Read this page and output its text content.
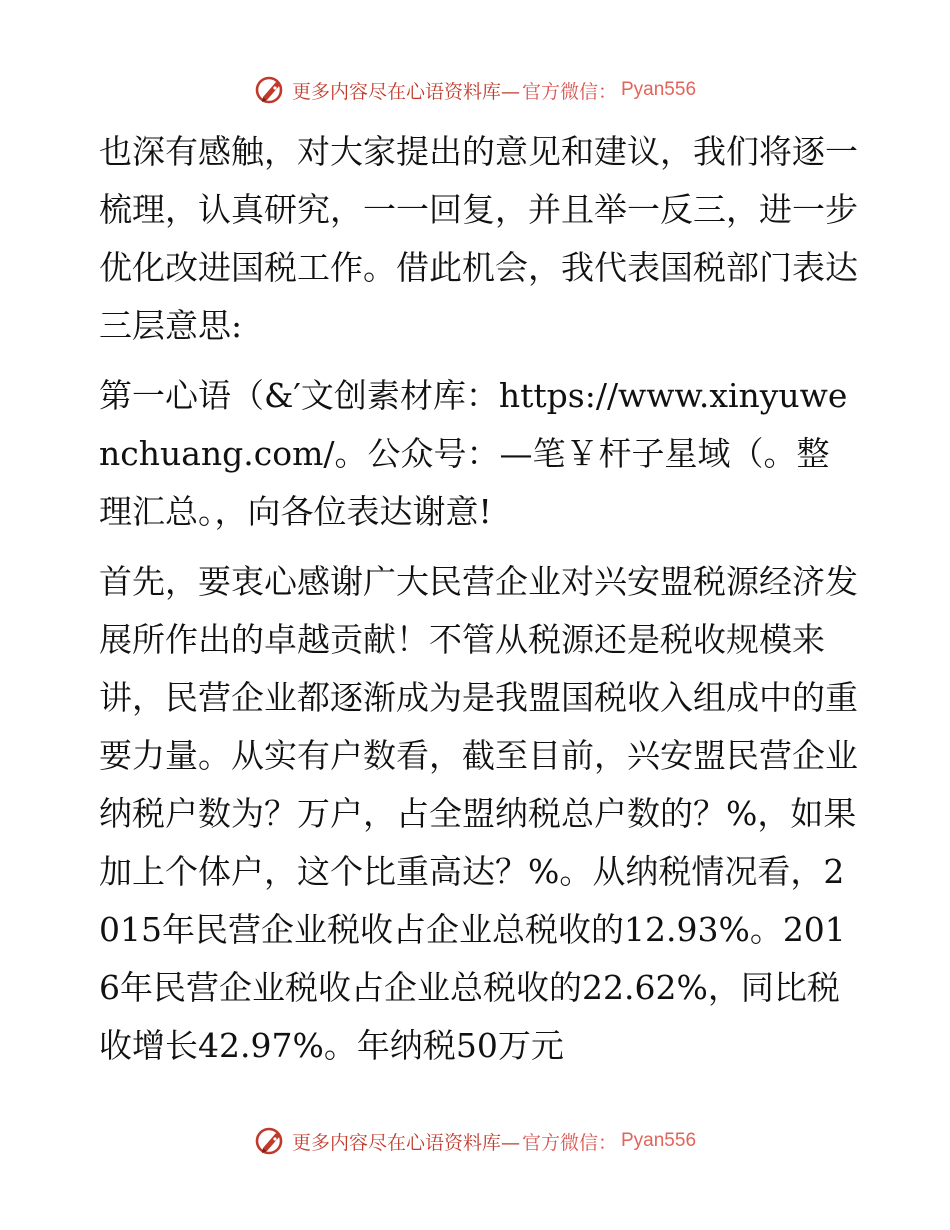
更多内容尽在心语资料库— 官方微信： Pyan556

也深有感触，对大家提出的意见和建议，我们将逐一梳理，认真研究，一一回复，并且举一反三，进一步优化改进国税工作。借此机会，我代表国税部门表达三层意思:

第一心语（&′文创素材库：https://www.xinyuwenchuang.com/。公众号：—笔￥杆子星域（。整理汇总。，向各位表达谢意!

首先，要衷心感谢广大民营企业对兴安盟税源经济发展所作出的卓越贡献！不管从税源还是税收规模来讲，民营企业都逐渐成为是我盟国税收入组成中的重要力量。从实有户数看，截至目前，兴安盟民营企业纳税户数为？万户，占全盟纳税总户数的？%，如果加上个体户，这个比重高达？%。从纳税情况看，2015年民营企业税收占企业总税收的12.93%。2016年民营企业税收占企业总税收的22.62%，同比税收增长42.97%。年纳税50万元

更多内容尽在心语资料库— 官方微信： Pyan556
